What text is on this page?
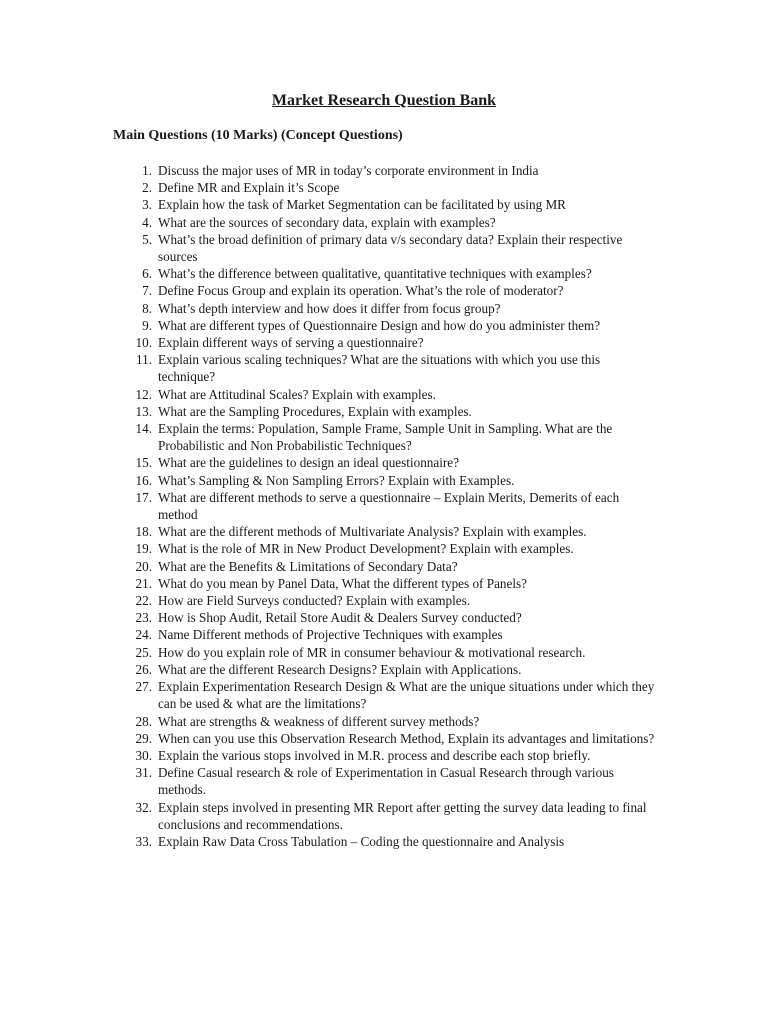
Market Research Question Bank
Main Questions (10 Marks) (Concept Questions)
1. Discuss the major uses of MR in today’s corporate environment in India
2. Define MR and Explain it’s Scope
3. Explain how the task of Market Segmentation can be facilitated by using MR
4. What are the sources of secondary data, explain with examples?
5. What’s the broad definition of primary data v/s secondary data? Explain their respective sources
6. What’s the difference between qualitative, quantitative techniques with examples?
7. Define Focus Group and explain its operation. What’s the role of moderator?
8. What’s depth interview and how does it differ from focus group?
9. What are different types of Questionnaire Design and how do you administer them?
10. Explain different ways of serving a questionnaire?
11. Explain various scaling techniques? What are the situations with which you use this technique?
12. What are Attitudinal Scales? Explain with examples.
13. What are the Sampling Procedures, Explain with examples.
14. Explain the terms: Population, Sample Frame, Sample Unit in Sampling. What are the Probabilistic and Non Probabilistic Techniques?
15. What are the guidelines to design an ideal questionnaire?
16. What’s Sampling & Non Sampling Errors? Explain with Examples.
17. What are different methods to serve a questionnaire – Explain Merits, Demerits of each method
18. What are the different methods of Multivariate Analysis? Explain with examples.
19. What is the role of MR in New Product Development? Explain with examples.
20. What are the Benefits & Limitations of Secondary Data?
21. What do you mean by Panel Data, What the different types of Panels?
22. How are Field Surveys conducted? Explain with examples.
23. How is Shop Audit, Retail Store Audit & Dealers Survey conducted?
24. Name Different methods of Projective Techniques with examples
25. How do you explain role of MR in consumer behaviour & motivational research.
26. What are the different Research Designs? Explain with Applications.
27. Explain Experimentation Research Design & What are the unique situations under which they can be used & what are the limitations?
28. What are strengths & weakness of different survey methods?
29. When can you use this Observation Research Method, Explain its advantages and limitations?
30. Explain the various stops involved in M.R. process and describe each stop briefly.
31. Define Casual research & role of Experimentation in Casual Research through various methods.
32. Explain steps involved in presenting MR Report after getting the survey data leading to final conclusions and recommendations.
33. Explain Raw Data Cross Tabulation – Coding the questionnaire and Analysis
